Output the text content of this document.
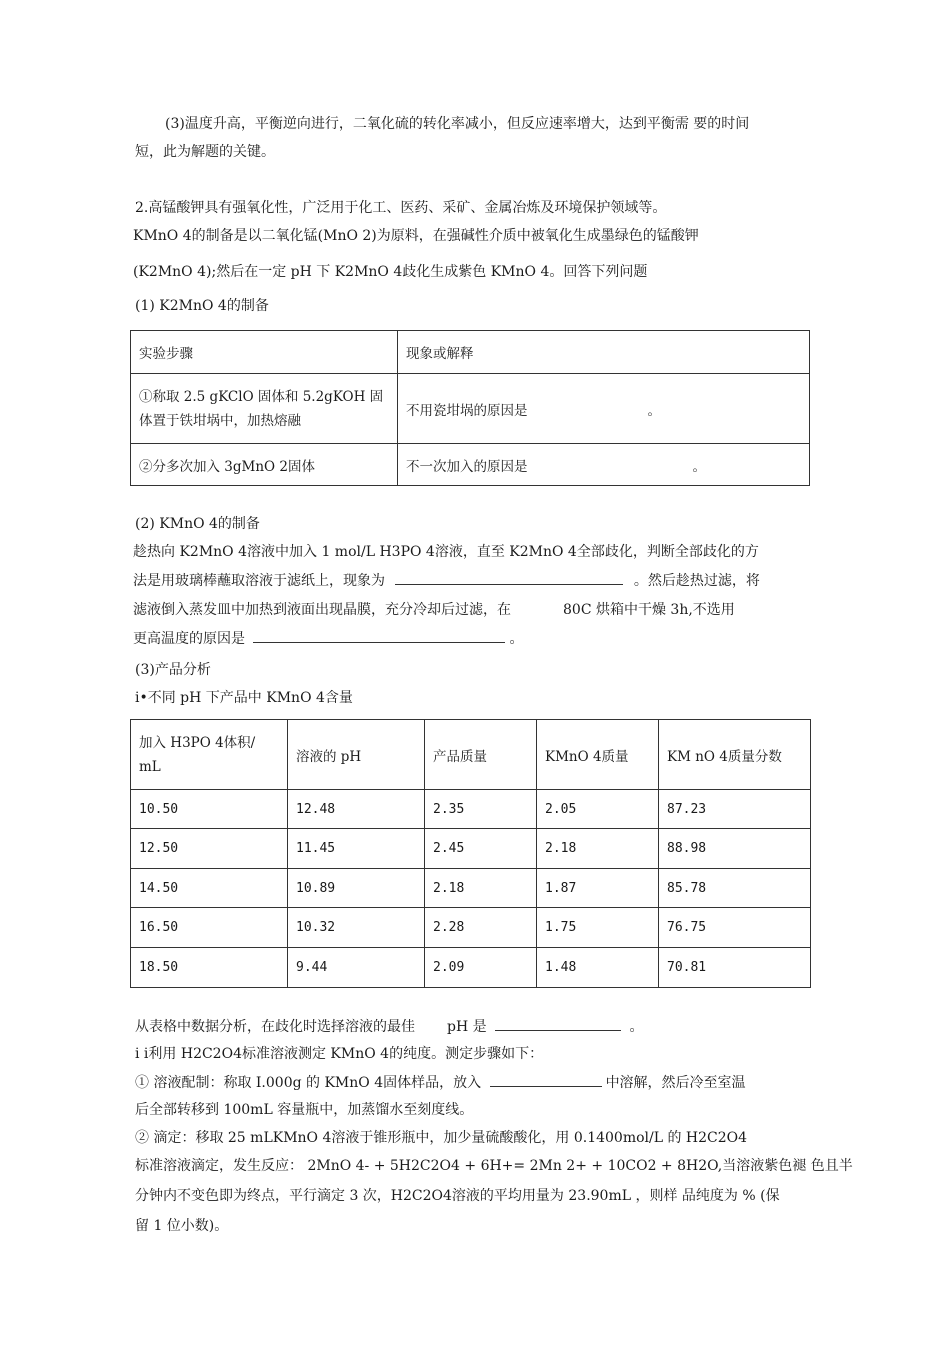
(3)温度升高，平衡逆向进行，二氧化硫的转化率减小，但反应速率增大，达到平衡需 要的时间
短，此为解题的关键。
2.高锰酸钾具有强氧化性，广泛用于化工、医药、采矿、金属冶炼及环境保护领域等。
KMnO 4的制备是以二氧化锰(MnO 2)为原料，在强碱性介质中被氧化生成墨绿色的锰酸钾
(K2MnO 4);然后在一定 pH 下 K2MnO 4歧化生成紫色 KMnO 4。回答下列问题
(1) K2MnO 4的制备
实验步骤	现象或解释

①称取 2.5 gKClO 固体和 5.2gKOH 固
体置于铁坩埚中，加热熔融	不用瓷坩埚的原因是 。
②分多次加入 3gMnO 2固体	不一次加入的原因是 。
(2) KMnO 4的制备
趁热向 K2MnO 4溶液中加入 1 mol/L H3PO 4溶液，直至 K2MnO 4全部歧化，判断全部歧化的方
法是用玻璃棒蘸取溶液于滤纸上，现象为	。然后趁热过滤，将
滤液倒入蒸发皿中加热到液面出现晶膜，充分冷却后过滤，在	80C 烘箱中干燥 3h,不选用
更高温度的原因是	。
(3)产品分析
i•不同 pH 下产品中 KMnO 4含量
加入 H3PO 4体积/
mL	溶液的 pH	产品质量	KMnO 4质量	KM nO 4质量分数
10.50	12.48	2.35	2.05	87.23
12.50	11.45	2.45	2.18	88.98
14.50	10.89	2.18	1.87	85.78
16.50	10.32	2.28	1.75	76.75
18.50	9.44	2.09	1.48	70.81
从表格中数据分析，在歧化时选择溶液的最佳 pH 是	。
i i利用 H2C2O4标准溶液测定 KMnO 4的纯度。测定步骤如下：
① 溶液配制：称取 I.000g 的 KMnO 4固体样品，放入	中溶解，然后冷至室温
后全部转移到 100mL 容量瓶中，加蒸馏水至刻度线。
② 滴定：移取 25 mLKMnO 4溶液于锥形瓶中，加少量硫酸酸化，用 0.1400mol/L 的 H2C2O4
标准溶液滴定，发生反应： 2MnO 4- + 5H2C2O4 + 6H+= 2Mn 2+ + 10CO2 + 8H2O,当溶液紫色褪 色且半
分钟内不变色即为终点，平行滴定 3 次，H2C2O4溶液的平均用量为 23.90mL ，则样 品纯度为 % (保
留 1 位小数)。
